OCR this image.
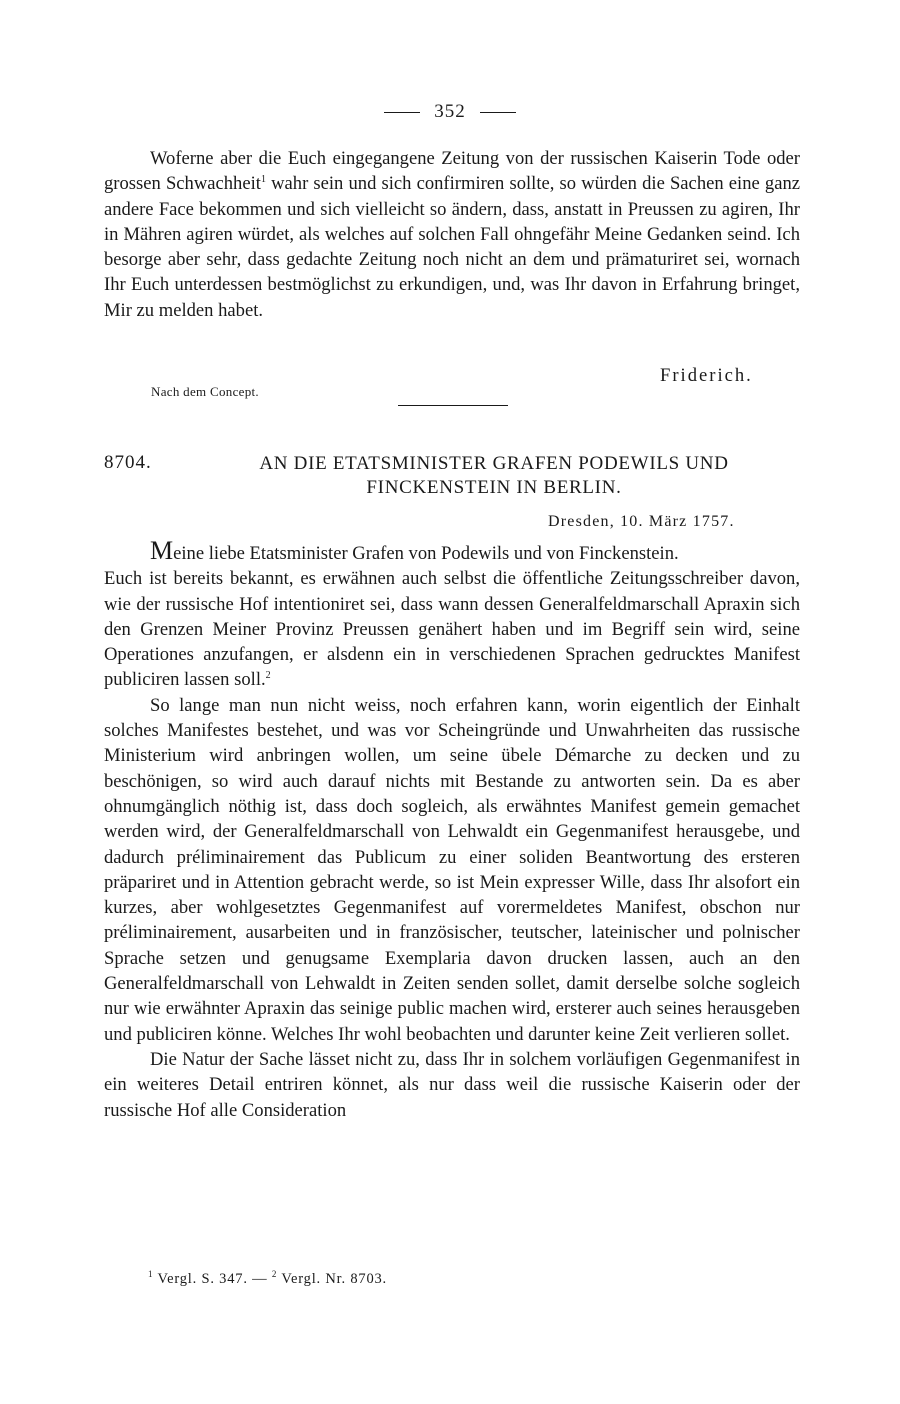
352

Woferne aber die Euch eingegangene Zeitung von der russischen Kaiserin Tode oder grossen Schwachheit$^1$ wahr sein und sich confirmiren sollte, so würden die Sachen eine ganz andere Face bekommen und sich vielleicht so ändern, dass, anstatt in Preussen zu agiren, Ihr in Mähren agiren würdet, als welches auf solchen Fall ohngefähr Meine Gedanken seind. Ich besorge aber sehr, dass gedachte Zeitung noch nicht an dem und prämaturiret sei, wornach Ihr Euch unterdessen bestmöglichst zu erkundigen, und, was Ihr davon in Erfahrung bringet, Mir zu melden habet.

Friderich.
Nach dem Concept.
8704.	AN DIE ETATSMINISTER GRAFEN PODEWILS UND
FINCKENSTEIN IN BERLIN.
Dresden, 10. März 1757.

Meine liebe Etatsminister Grafen von Podewils und von Finckenstein.

Euch ist bereits bekannt, es erwähnen auch selbst die öffentliche Zeitungsschreiber davon, wie der russische Hof intentioniret sei, dass wann dessen Generalfeldmarschall Apraxin sich den Grenzen Meiner Provinz Preussen genähert haben und im Begriff sein wird, seine Operationes anzufangen, er alsdenn ein in verschiedenen Sprachen gedrucktes Manifest publiciren lassen soll.$^2$

So lange man nun nicht weiss, noch erfahren kann, worin eigentlich der Einhalt solches Manifestes bestehet, und was vor Scheingründe und Unwahrheiten das russische Ministerium wird anbringen wollen, um seine übele Démarche zu decken und zu beschönigen, so wird auch darauf nichts mit Bestande zu antworten sein. Da es aber ohnumgänglich nöthig ist, dass doch sogleich, als erwähntes Manifest gemein gemachet werden wird, der Generalfeldmarschall von Lehwaldt ein Gegenmanifest herausgebe, und dadurch préliminairement das Publicum zu einer soliden Beantwortung des ersteren präpariret und in Attention gebracht werde, so ist Mein expresser Wille, dass Ihr alsofort ein kurzes, aber wohlgesetztes Gegenmanifest auf vorermeldetes Manifest, obschon nur préliminairement, ausarbeiten und in französischer, teutscher, lateinischer und polnischer Sprache setzen und genugsame Exemplaria davon drucken lassen, auch an den Generalfeldmarschall von Lehwaldt in Zeiten senden sollet, damit derselbe solche sogleich nur wie erwähnter Apraxin das seinige public machen wird, ersterer auch seines herausgeben und publiciren könne. Welches Ihr wohl beobachten und darunter keine Zeit verlieren sollet.

Die Natur der Sache lässet nicht zu, dass Ihr in solchem vorläufigen Gegenmanifest in ein weiteres Detail entriren könnet, als nur dass weil die russische Kaiserin oder der russische Hof alle Consideration

$^1$ Vergl. S. 347. — $^2$ Vergl. Nr. 8703.
